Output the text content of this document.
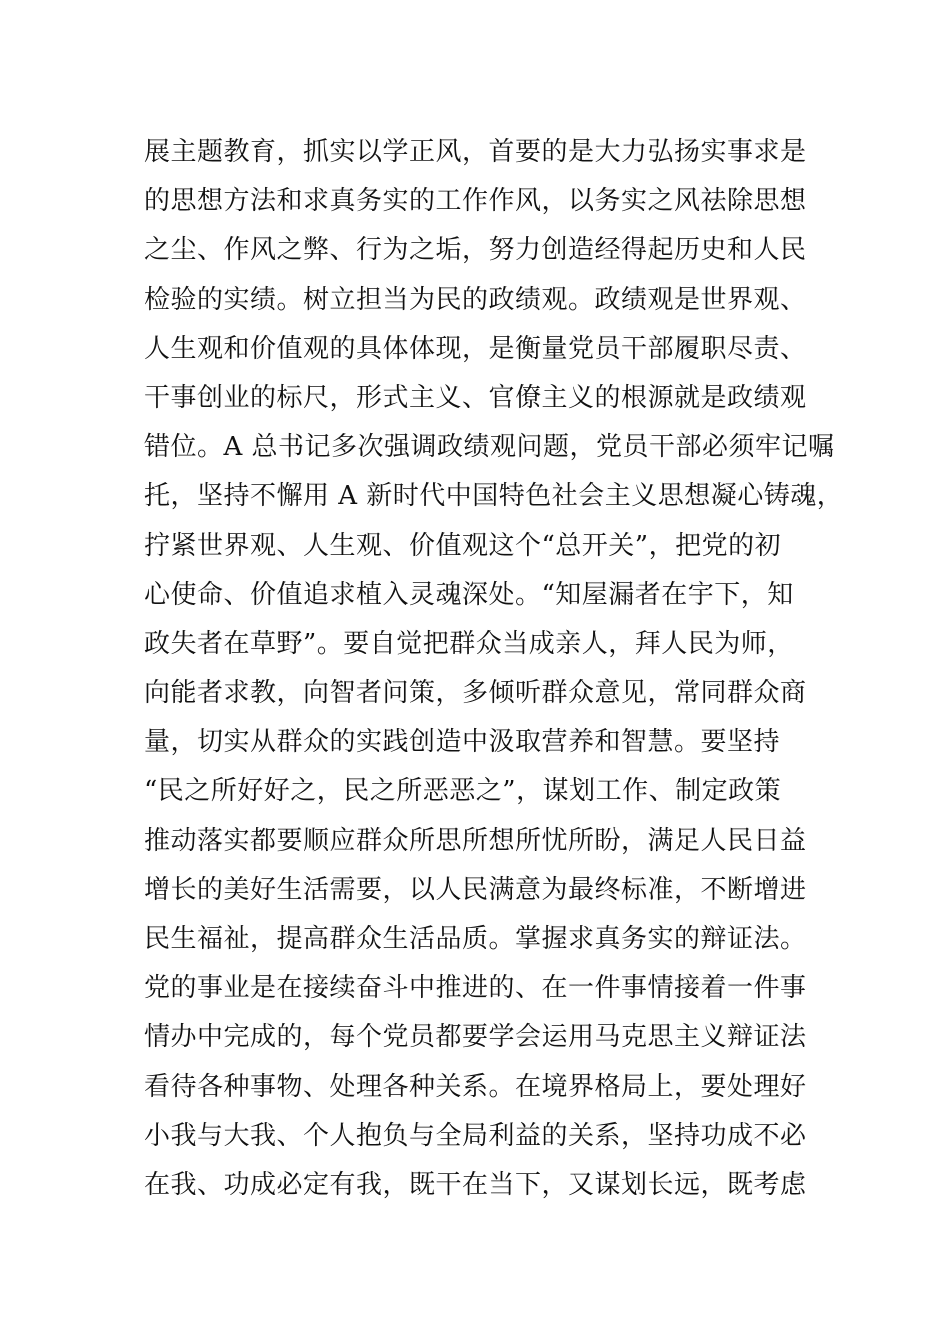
展主题教育，抓实以学正风，首要的是大力弘扬实事求是
的思想方法和求真务实的工作作风，以务实之风祛除思想
之尘、作风之弊、行为之垢，努力创造经得起历史和人民
检验的实绩。树立担当为民的政绩观。政绩观是世界观、
人生观和价值观的具体体现，是衡量党员干部履职尽责、
干事创业的标尺，形式主义、官僚主义的根源就是政绩观
错位。A 总书记多次强调政绩观问题，党员干部必须牢记嘱
托，坚持不懈用 A 新时代中国特色社会主义思想凝心铸魂，
拧紧世界观、人生观、价值观这个“总开关”，把党的初
心使命、价值追求植入灵魂深处。“知屋漏者在宇下，知
政失者在草野”。要自觉把群众当成亲人，拜人民为师，
向能者求教，向智者问策，多倾听群众意见，常同群众商
量，切实从群众的实践创造中汲取营养和智慧。要坚持
“民之所好好之，民之所恶恶之”，谋划工作、制定政策
推动落实都要顺应群众所思所想所忧所盼，满足人民日益
增长的美好生活需要，以人民满意为最终标准，不断增进
民生福祉，提高群众生活品质。掌握求真务实的辩证法。
党的事业是在接续奋斗中推进的、在一件事情接着一件事
情办中完成的，每个党员都要学会运用马克思主义辩证法
看待各种事物、处理各种关系。在境界格局上，要处理好
小我与大我、个人抱负与全局利益的关系，坚持功成不必
在我、功成必定有我，既干在当下，又谋划长远，既考虑
